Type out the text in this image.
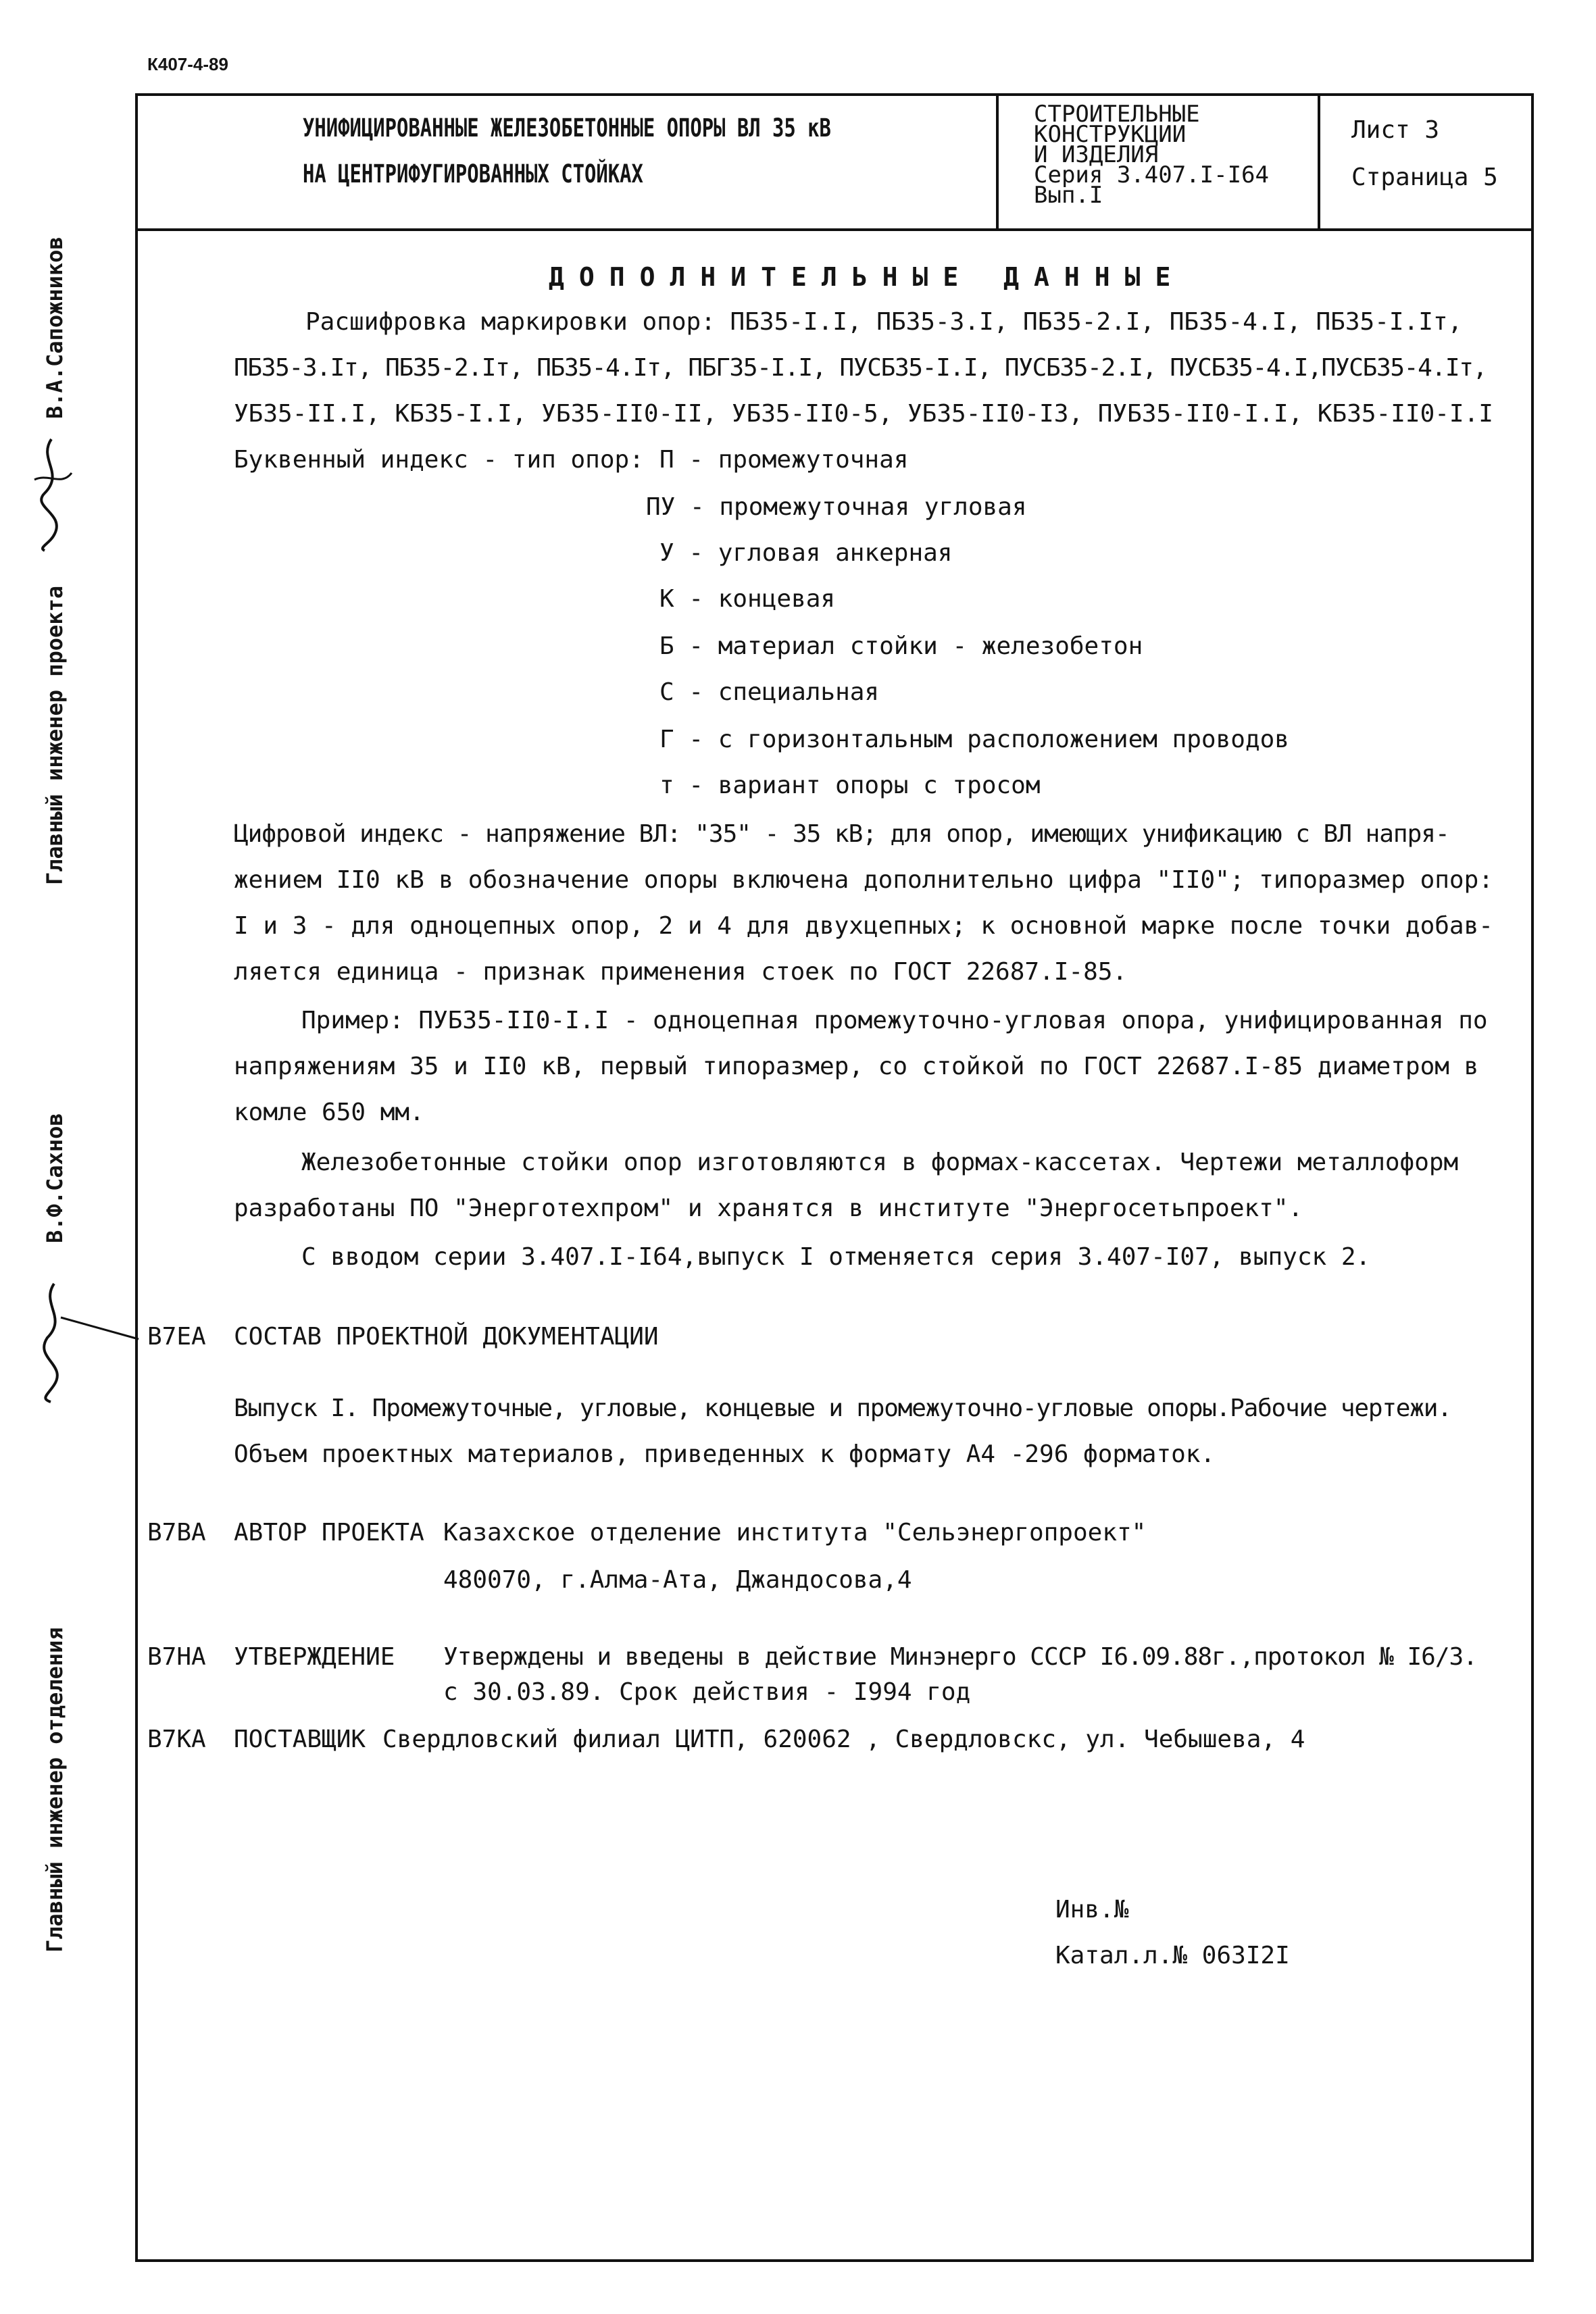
К407-4-89
Главный инженер проекта
В.А.Сапожников
В.Ф.Сахнов
Главный инженер отделения
УНИФИЦИРОВАННЫЕ ЖЕЛЕЗОБЕТОННЫЕ ОПОРЫ ВЛ 35 кВ
НА ЦЕНТРИФУГИРОВАННЫХ СТОЙКАХ
СТРОИТЕЛЬНЫЕ
КОНСТРУКЦИИ
И ИЗДЕЛИЯ
Серия 3.407.I-I64
Вып.I
Лист 3
Страница 5
ДОПОЛНИТЕЛЬНЫЕ ДАННЫЕ
Расшифровка маркировки опор: ПБ35-I.I, ПБ35-3.I, ПБ35-2.I, ПБ35-4.I, ПБ35-I.Iт,
ПБ35-3.Iт, ПБ35-2.Iт, ПБ35-4.Iт, ПБГ35-I.I, ПУСБ35-I.I, ПУСБ35-2.I, ПУСБ35-4.I,ПУСБ35-4.Iт,
УБ35-II.I, КБ35-I.I, УБ35-II0-II, УБ35-II0-5, УБ35-II0-I3, ПУБ35-II0-I.I, КБ35-II0-I.I
Буквенный индекс - тип опор: П - промежуточная
ПУ - промежуточная угловая
У - угловая анкерная
К - концевая
Б - материал стойки - железобетон
С - специальная
Г - с горизонтальным расположением проводов
т - вариант опоры с тросом
Цифровой индекс - напряжение ВЛ: "35" - 35 кВ; для опор, имеющих унификацию с ВЛ напря-
жением II0 кВ в обозначение опоры включена дополнительно цифра "II0"; типоразмер опор:
I и 3 - для одноцепных опор, 2 и 4 для двухцепных; к основной марке после точки добав-
ляется единица - признак применения стоек по ГОСТ 22687.I-85.
Пример: ПУБ35-II0-I.I - одноцепная промежуточно-угловая опора, унифицированная по
напряжениям 35 и II0 кВ, первый типоразмер, со стойкой по ГОСТ 22687.I-85 диаметром в
комле 650 мм.
Железобетонные стойки опор изготовляются в формах-кассетах. Чертежи металлоформ
разработаны ПО "Энерготехпром" и хранятся в институте "Энергосетьпроект".
С вводом серии 3.407.I-I64,выпуск I отменяется серия 3.407-I07, выпуск 2.
B7EA СОСТАВ ПРОЕКТНОЙ ДОКУМЕНТАЦИИ
Выпуск I. Промежуточные, угловые, концевые и промежуточно-угловые опоры.Рабочие чертежи.
Объем проектных материалов, приведенных к формату А4 -296 форматок.
B7BA АВТОР ПРОЕКТА Казахское отделение института "Сельэнергопроект"
480070, г.Алма-Ата, Джандосова,4
B7HA УТВЕРЖДЕНИЕ Утверждены и введены в действие Минэнерго СССР I6.09.88г.,протокол № I6/3.
с 30.03.89. Срок действия - I994 год
B7KA ПОСТАВЩИК Свердловский филиал ЦИТП, 620062 , Свердловскс, ул. Чебышева, 4
Инв.№
Катал.л.№ 063I2I
